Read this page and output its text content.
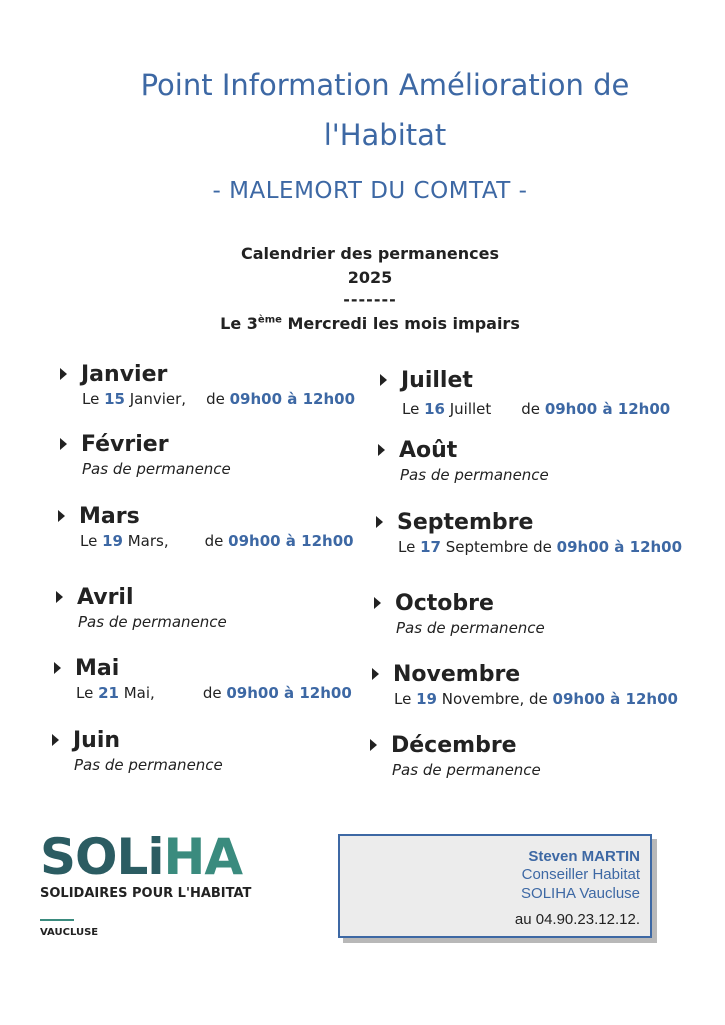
Point Information Amélioration de
l'Habitat
- MALEMORT DU COMTAT -
Calendrier des permanences
2025
-------
Le 3ème Mercredi les mois impairs
Janvier
Le 15 Janvier, de 09h00 à 12h00
Février
Pas de permanence
Mars
Le 19 Mars, de 09h00 à 12h00
Avril
Pas de permanence
Mai
Le 21 Mai,	de 09h00 à 12h00
Juin
Pas de permanence
Juillet
Le 16 Juillet de 09h00 à 12h00
Août
Pas de permanence
Septembre
Le 17 Septembre de 09h00 à 12h00
Octobre
Pas de permanence
Novembre
Le 19 Novembre, de 09h00 à 12h00
Décembre
Pas de permanence
SOLiHA
SOLIDAIRES POUR L'HABITAT
VAUCLUSE
Steven MARTIN
Conseiller Habitat
SOLIHA Vaucluse
au 04.90.23.12.12.
